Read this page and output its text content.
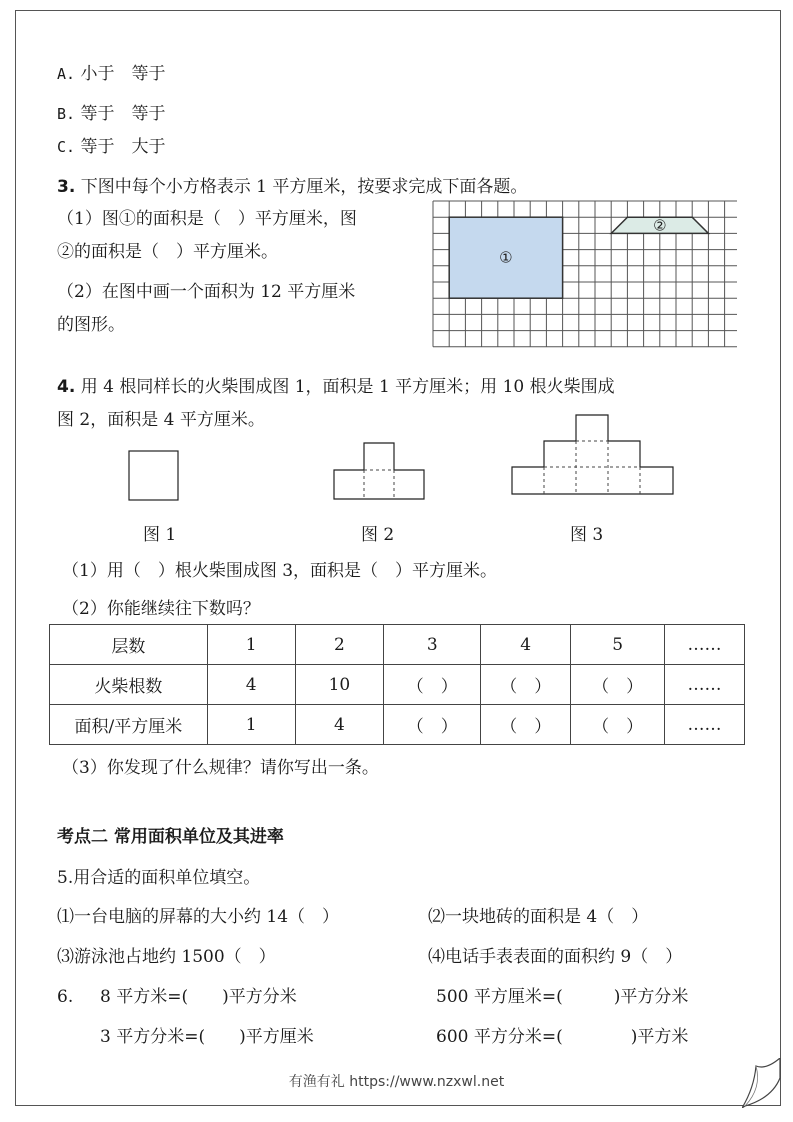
A. 小于　等于
B. 等于　等于
C. 等于　大于
3. 下图中每个小方格表示 1 平方厘米，按要求完成下面各题。
（1）图①的面积是（　）平方厘米，图
②的面积是（　）平方厘米。
（2）在图中画一个面积为 12 平方厘米
的图形。
①
②
4. 用 4 根同样长的火柴围成图 1，面积是 1 平方厘米；用 10 根火柴围成
图 2，面积是 4 平方厘米。
图 1	图 2	图 3
（1）用（　）根火柴围成图 3，面积是（　）平方厘米。
（2）你能继续往下数吗？
层数	1	2	3	4	5	……
火柴根数	4	10	（　）	（　）	（　）	……
面积/平方厘米	1	4	（　）	（　）	（　）	……
（3）你发现了什么规律？请你写出一条。
考点二 常用面积单位及其进率
5.用合适的面积单位填空。
⑴一台电脑的屏幕的大小约 14（　）	⑵一块地砖的面积是 4（　）
⑶游泳池占地约 1500（　）	⑷电话手表表面的面积约 9（　）
6. 8 平方米=(　　)平方分米	500 平方厘米=(　　　)平方分米
3 平方分米=(　　)平方厘米	600 平方分米=(　　　　)平方米
有渔有礼 https://www.nzxwl.net
